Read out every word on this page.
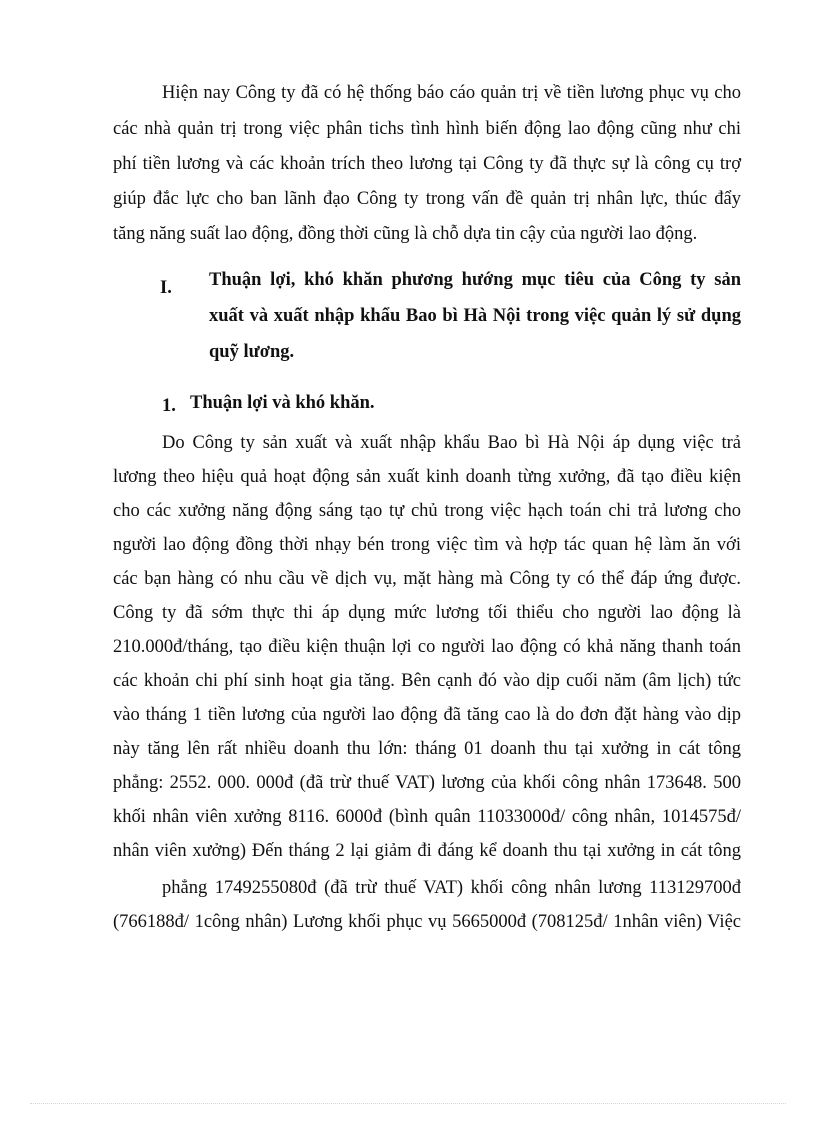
Hiện nay Công ty đã có hệ thống báo cáo quản trị về tiền lương phục vụ cho
các nhà quản trị trong việc phân tichs tình hình biến động lao động cũng như chi
phí tiền lương và các khoản trích theo lương tại Công ty đã thực sự là công cụ trợ
giúp đắc lực cho ban lãnh đạo Công ty trong vấn đề quản trị nhân lực, thúc đẩy
tăng năng suất lao động, đồng thời cũng là chỗ dựa tin cậy của người lao động.
I. Thuận lợi, khó khăn phương hướng mục tiêu của Công ty sản
xuất và xuất nhập khẩu Bao bì Hà Nội trong việc quản lý sử dụng
quỹ lương.
1. Thuận lợi và khó khăn.
Do Công ty sản xuất và xuất nhập khẩu Bao bì Hà Nội áp dụng việc trả
lương theo hiệu quả hoạt động sản xuất kinh doanh từng xưởng, đã tạo điều kiện
cho các xưởng năng động sáng tạo tự chủ trong việc hạch toán chi trả lương cho
người lao động đồng thời nhạy bén trong việc tìm và hợp tác quan hệ làm ăn với
các bạn hàng có nhu cầu về dịch vụ, mặt hàng mà Công ty có thể đáp ứng được.
Công ty đã sớm thực thi áp dụng mức lương tối thiểu cho người lao động là
210.000đ/tháng, tạo điều kiện thuận lợi co người lao động có khả năng thanh toán
các khoản chi phí sinh hoạt gia tăng. Bên cạnh đó vào dịp cuối năm (âm lịch) tức
vào tháng 1 tiền lương của người lao động đã tăng cao là do đơn đặt hàng vào dịp
này tăng lên rất nhiều doanh thu lớn: tháng 01 doanh thu tại xưởng in cát tông
phẳng: 2552. 000. 000đ (đã trừ thuế VAT) lương của khối công nhân 173648. 500
khối nhân viên xưởng 8116. 6000đ (bình quân 11033000đ/ công nhân, 1014575đ/
nhân viên xưởng) Đến tháng 2 lại giảm đi đáng kể doanh thu tại xưởng in cát tông
phẳng 1749255080đ (đã trừ thuế VAT) khối công nhân lương 113129700đ
(766188đ/ 1công nhân) Lương khối phục vụ 5665000đ (708125đ/ 1nhân viên) Việc
